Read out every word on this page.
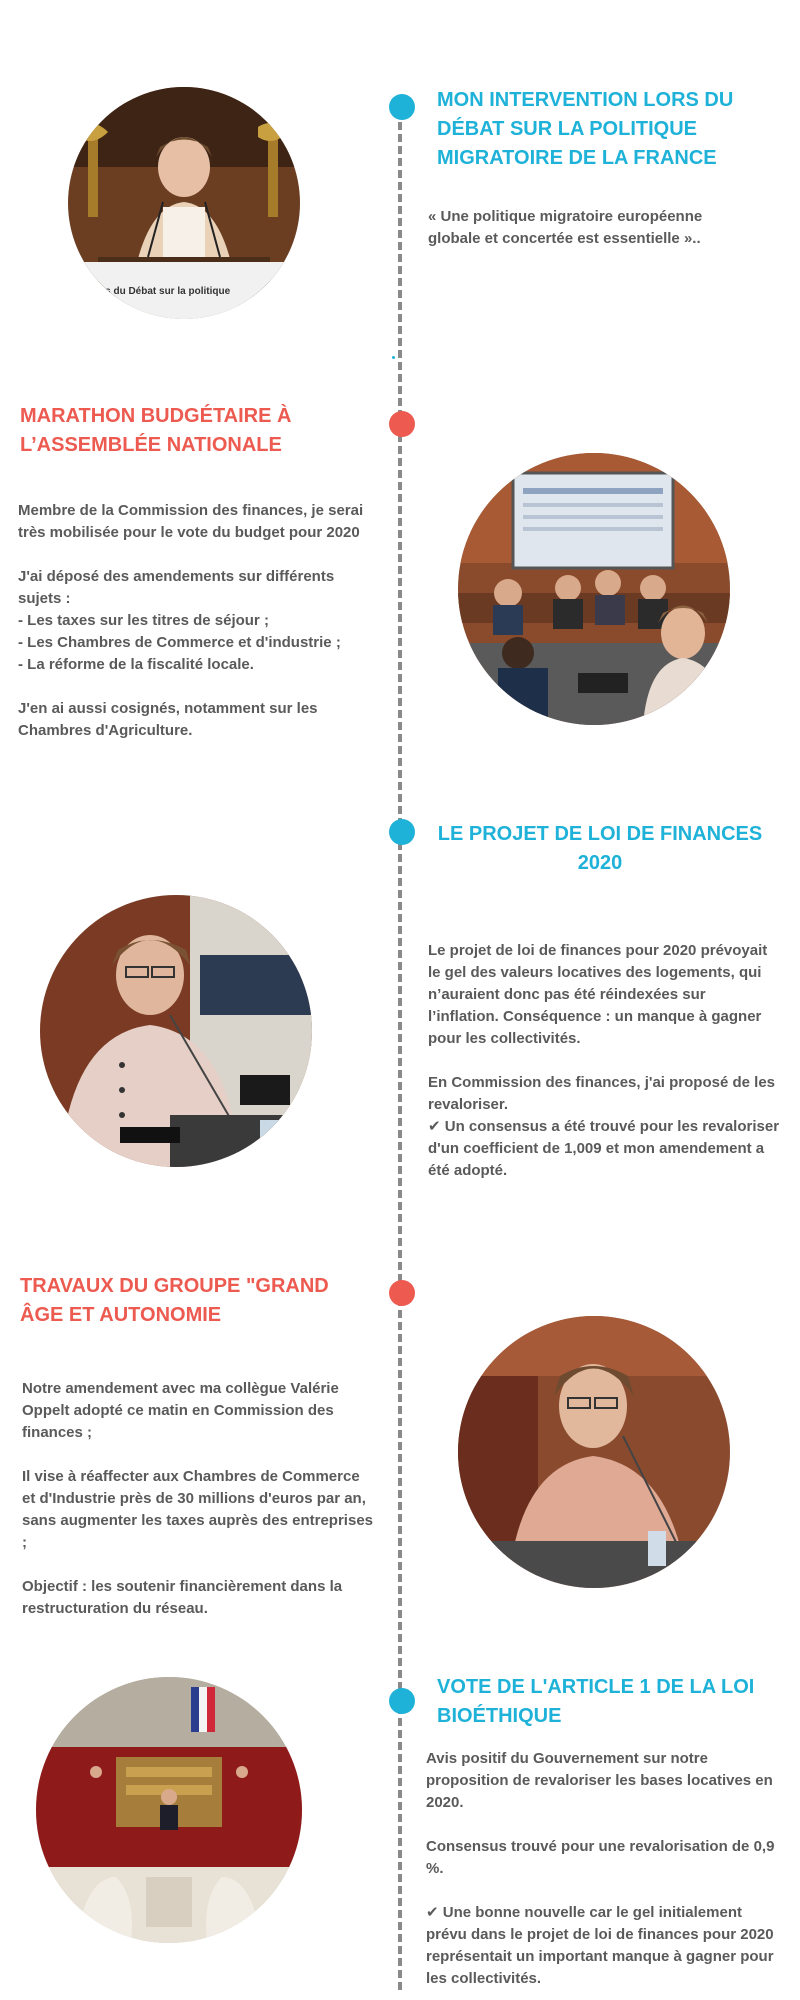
e lors du Débat sur la politique
pont
MON INTERVENTION LORS DU DÉBAT SUR LA POLITIQUE MIGRATOIRE DE LA FRANCE

« Une politique migratoire européenne globale et concertée est essentielle »..

MARATHON BUDGÉTAIRE À L’ASSEMBLÉE NATIONALE

Membre de la Commission des finances, je serai très mobilisée pour le vote du budget pour 2020

J'ai déposé des amendements sur différents sujets :
- Les taxes sur les titres de séjour ;
- Les Chambres de Commerce et d'industrie ;
- La réforme de la fiscalité locale.

J'en ai aussi cosignés, notamment sur les Chambres d'Agriculture.

LE PROJET DE LOI DE FINANCES 2020

Le projet de loi de finances pour 2020 prévoyait le gel des valeurs locatives des logements, qui n’auraient donc pas été réindexées sur l’inflation. Conséquence : un manque à gagner pour les collectivités.

En Commission des finances, j'ai proposé de les revaloriser.
✔ Un consensus a été trouvé pour les revaloriser d'un coefficient de 1,009 et mon amendement a été adopté.

TRAVAUX DU GROUPE "GRAND ÂGE ET AUTONOMIE

Notre amendement avec ma collègue Valérie Oppelt adopté ce matin en Commission des finances ;

Il vise à réaffecter aux Chambres de Commerce et d'Industrie près de 30 millions d'euros par an, sans augmenter les taxes auprès des entreprises ;

Objectif : les soutenir financièrement dans la restructuration du réseau.

VOTE DE L'ARTICLE 1 DE LA LOI BIOÉTHIQUE

Avis positif du Gouvernement sur notre proposition de revaloriser les bases locatives en 2020.

Consensus trouvé pour une revalorisation de 0,9 %.

✔ Une bonne nouvelle car le gel initialement prévu dans le projet de loi de finances pour 2020 représentait un important manque à gagner pour les collectivités.
